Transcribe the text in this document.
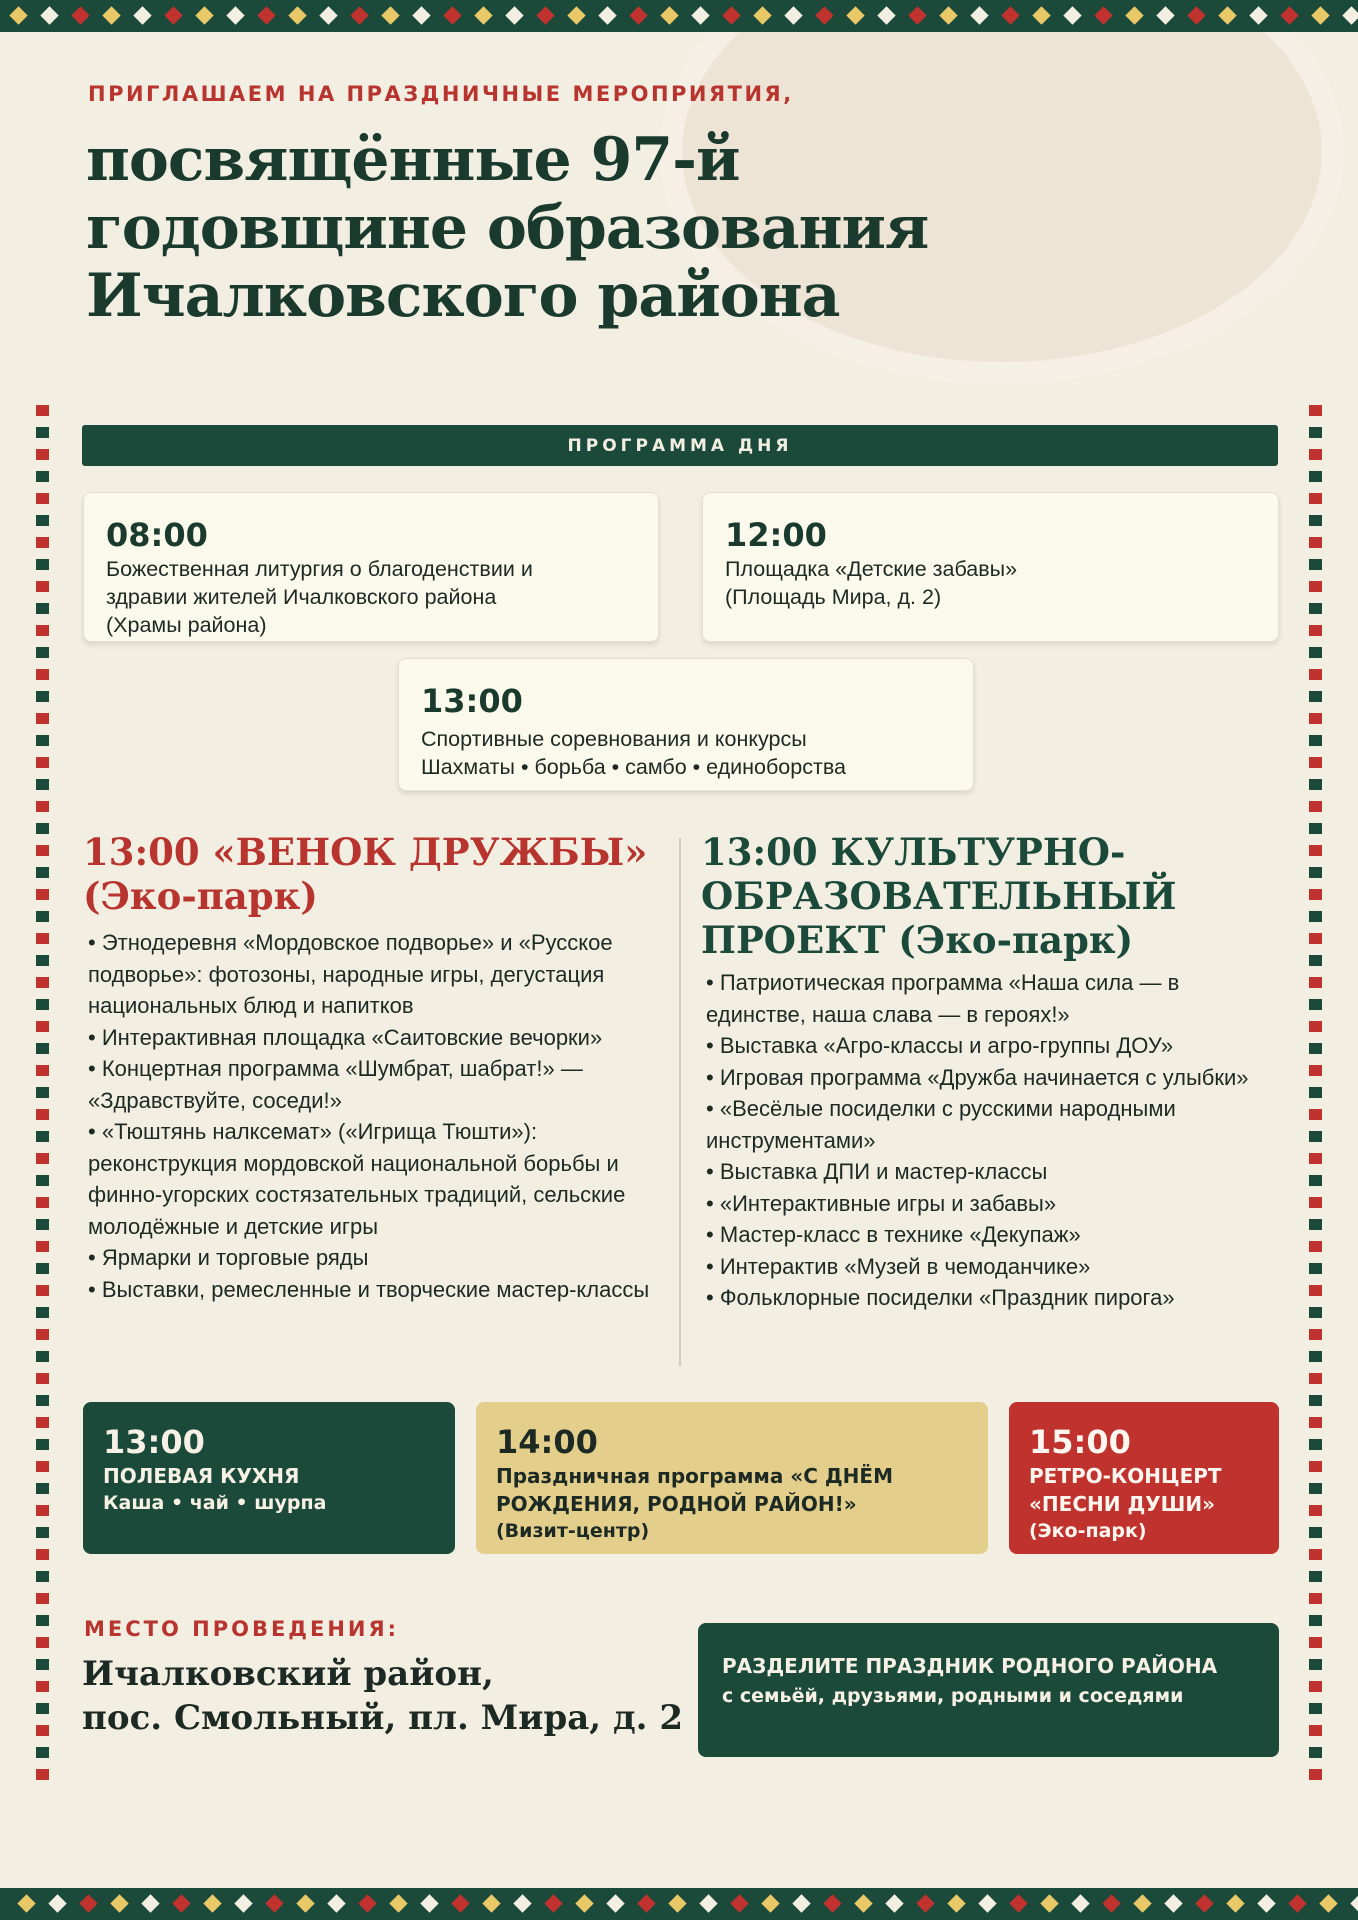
ПРИГЛАШАЕМ НА ПРАЗДНИЧНЫЕ МЕРОПРИЯТИЯ,
посвящённые 97-й годовщине образования Ичалковского района
ПРОГРАММА ДНЯ
08:00
Божественная литургия о благоденствии и
здравии жителей Ичалковского района
(Храмы района)
12:00
Площадка «Детские забавы»
(Площадь Мира, д. 2)
13:00
Спортивные соревнования и конкурсы
Шахматы • борьба • самбо • единоборства
13:00 «ВЕНОК ДРУЖБЫ»
(Эко-парк)
• Этнодеревня «Мордовское подворье» и «Русское подворье»: фотозоны, народные игры, дегустация национальных блюд и напитков
• Интерактивная площадка «Саитовские вечорки»
• Концертная программа «Шумбрат, шабрат!» — «Здравствуйте, соседи!»
• «Тюштянь налксемат» («Игрища Тюшти»): реконструкция мордовской национальной борьбы и финно-угорских состязательных традиций, сельские молодёжные и детские игры
• Ярмарки и торговые ряды
• Выставки, ремесленные и творческие мастер-классы
13:00 КУЛЬТУРНО-
ОБРАЗОВАТЕЛЬНЫЙ
ПРОЕКТ (Эко-парк)
• Патриотическая программа «Наша сила — в единстве, наша слава — в героях!»
• Выставка «Агро-классы и агро-группы ДОУ»
• Игровая программа «Дружба начинается с улыбки»
• «Весёлые посиделки с русскими народными инструментами»
• Выставка ДПИ и мастер-классы
• «Интерактивные игры и забавы»
• Мастер-класс в технике «Декупаж»
• Интерактив «Музей в чемоданчике»
• Фольклорные посиделки «Праздник пирога»
13:00
ПОЛЕВАЯ КУХНЯ
Каша • чай • шурпа
14:00
Праздничная программа «С ДНЁМ
РОЖДЕНИЯ, РОДНОЙ РАЙОН!»
(Визит-центр)
15:00
РЕТРО-КОНЦЕРТ
«ПЕСНИ ДУШИ»
(Эко-парк)
МЕСТО ПРОВЕДЕНИЯ:
Ичалковский район,
пос. Смольный, пл. Мира, д. 2
РАЗДЕЛИТЕ ПРАЗДНИК РОДНОГО РАЙОНА
с семьёй, друзьями, родными и соседями
